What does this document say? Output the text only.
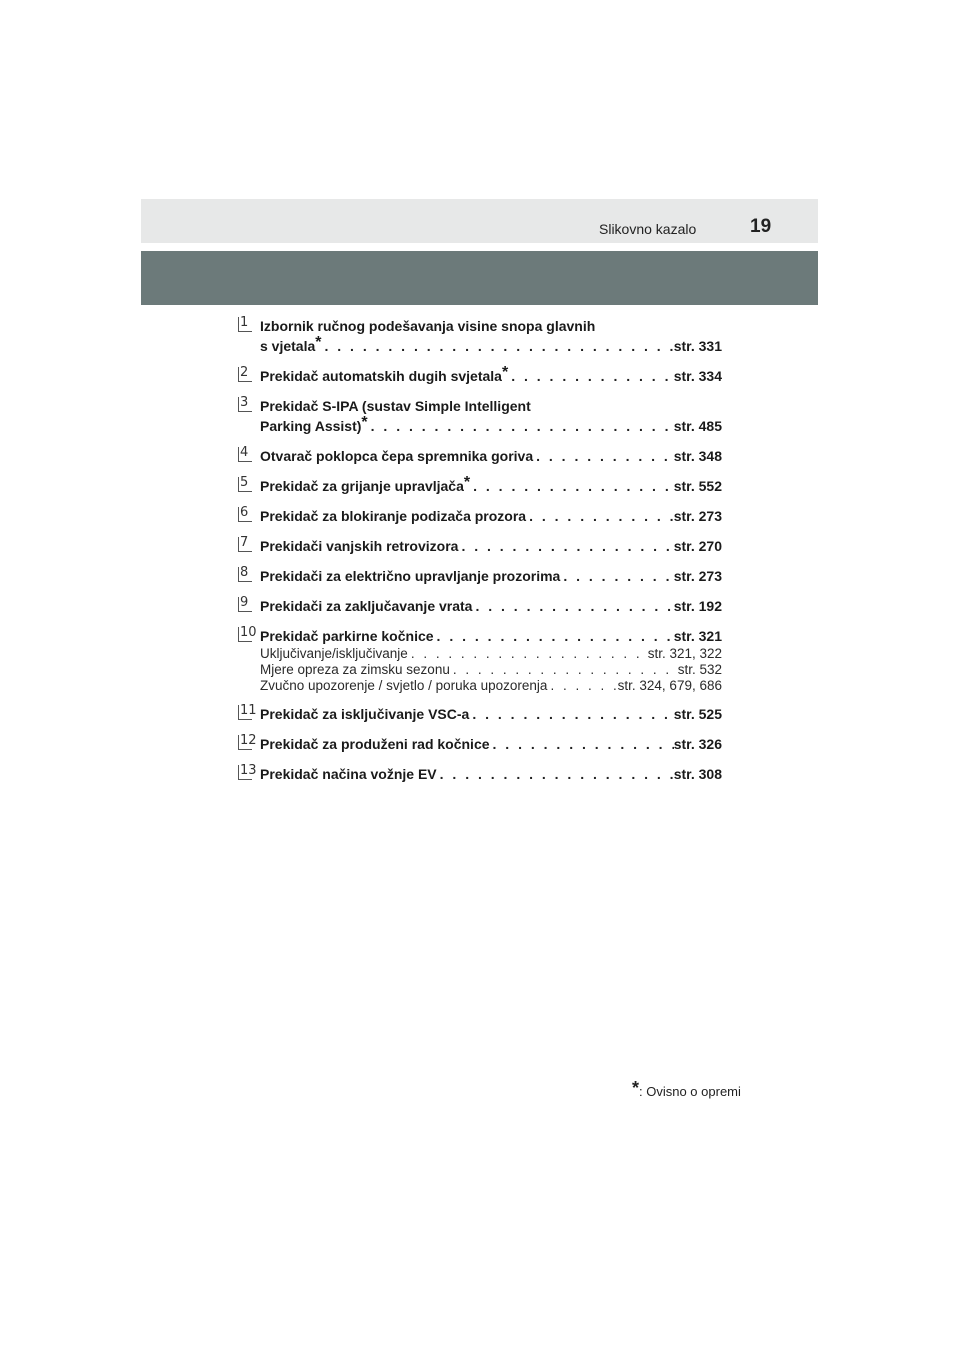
Slikovno kazalo	19
1 Izbornik ručnog podešavanja visine snopa glavnih
s vjetala* . . .	str. 331
2 Prekidač automatskih dugih svjetala* . . .	str. 334
3 Prekidač S-IPA (sustav Simple Intelligent
Parking Assist)* . . .	str. 485
4 Otvarač poklopca čepa spremnika goriva . . .	str. 348
5 Prekidač za grijanje upravljača* . . .	str. 552
6 Prekidač za blokiranje podizača prozora . . .	str. 273
7 Prekidači vanjskih retrovizora . . .	str. 270
8 Prekidači za električno upravljanje prozorima . . .	str. 273
9 Prekidači za zaključavanje vrata . . .	str. 192
10 Prekidač parkirne kočnice . . .	str. 321
Uključivanje/isključivanje . . .	str. 321, 322
Mjere opreza za zimsku sezonu . . .	str. 532
Zvučno upozorenje / svjetlo / poruka upozorenja . . .	str. 324, 679, 686
11 Prekidač za isključivanje VSC-a . . .	str. 525
12 Prekidač za produženi rad kočnice . . .	str. 326
13 Prekidač načina vožnje EV . . .	str. 308
*: Ovisno o opremi
